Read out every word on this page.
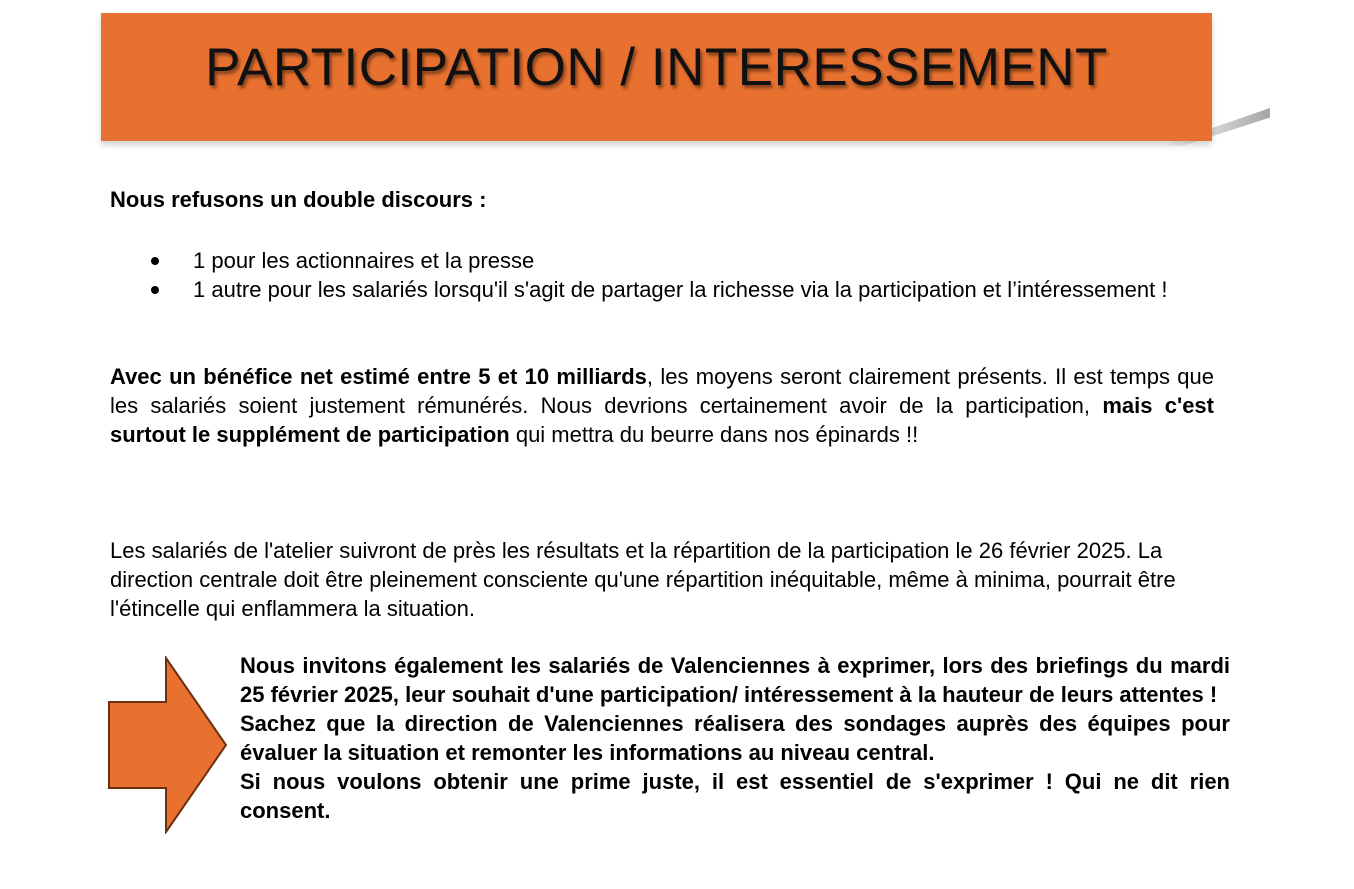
PARTICIPATION / INTERESSEMENT
Nous refusons un double discours :
1 pour les actionnaires et la presse
1 autre pour les salariés lorsqu'il s'agit de partager la richesse via la participation et l’intéressement !
Avec un bénéfice net estimé entre 5 et 10 milliards, les moyens seront clairement présents. Il est temps que les salariés soient justement rémunérés. Nous devrions certainement avoir de la participation, mais c'est surtout le supplément de participation qui mettra du beurre dans nos épinards !!
Les salariés de l'atelier suivront de près les résultats et la répartition de la participation le 26 février 2025. La direction centrale doit être pleinement consciente qu'une répartition inéquitable, même à minima, pourrait être l'étincelle qui enflammera la situation.

Nous invitons également les salariés de Valenciennes à exprimer, lors des briefings du mardi 25 février 2025, leur souhait d'une participation/ intéressement à la hauteur de leurs attentes !

Sachez que la direction de Valenciennes réalisera des sondages auprès des équipes pour évaluer la situation et remonter les informations au niveau central.

Si nous voulons obtenir une prime juste, il est essentiel de s'exprimer ! Qui ne dit rien consent.
